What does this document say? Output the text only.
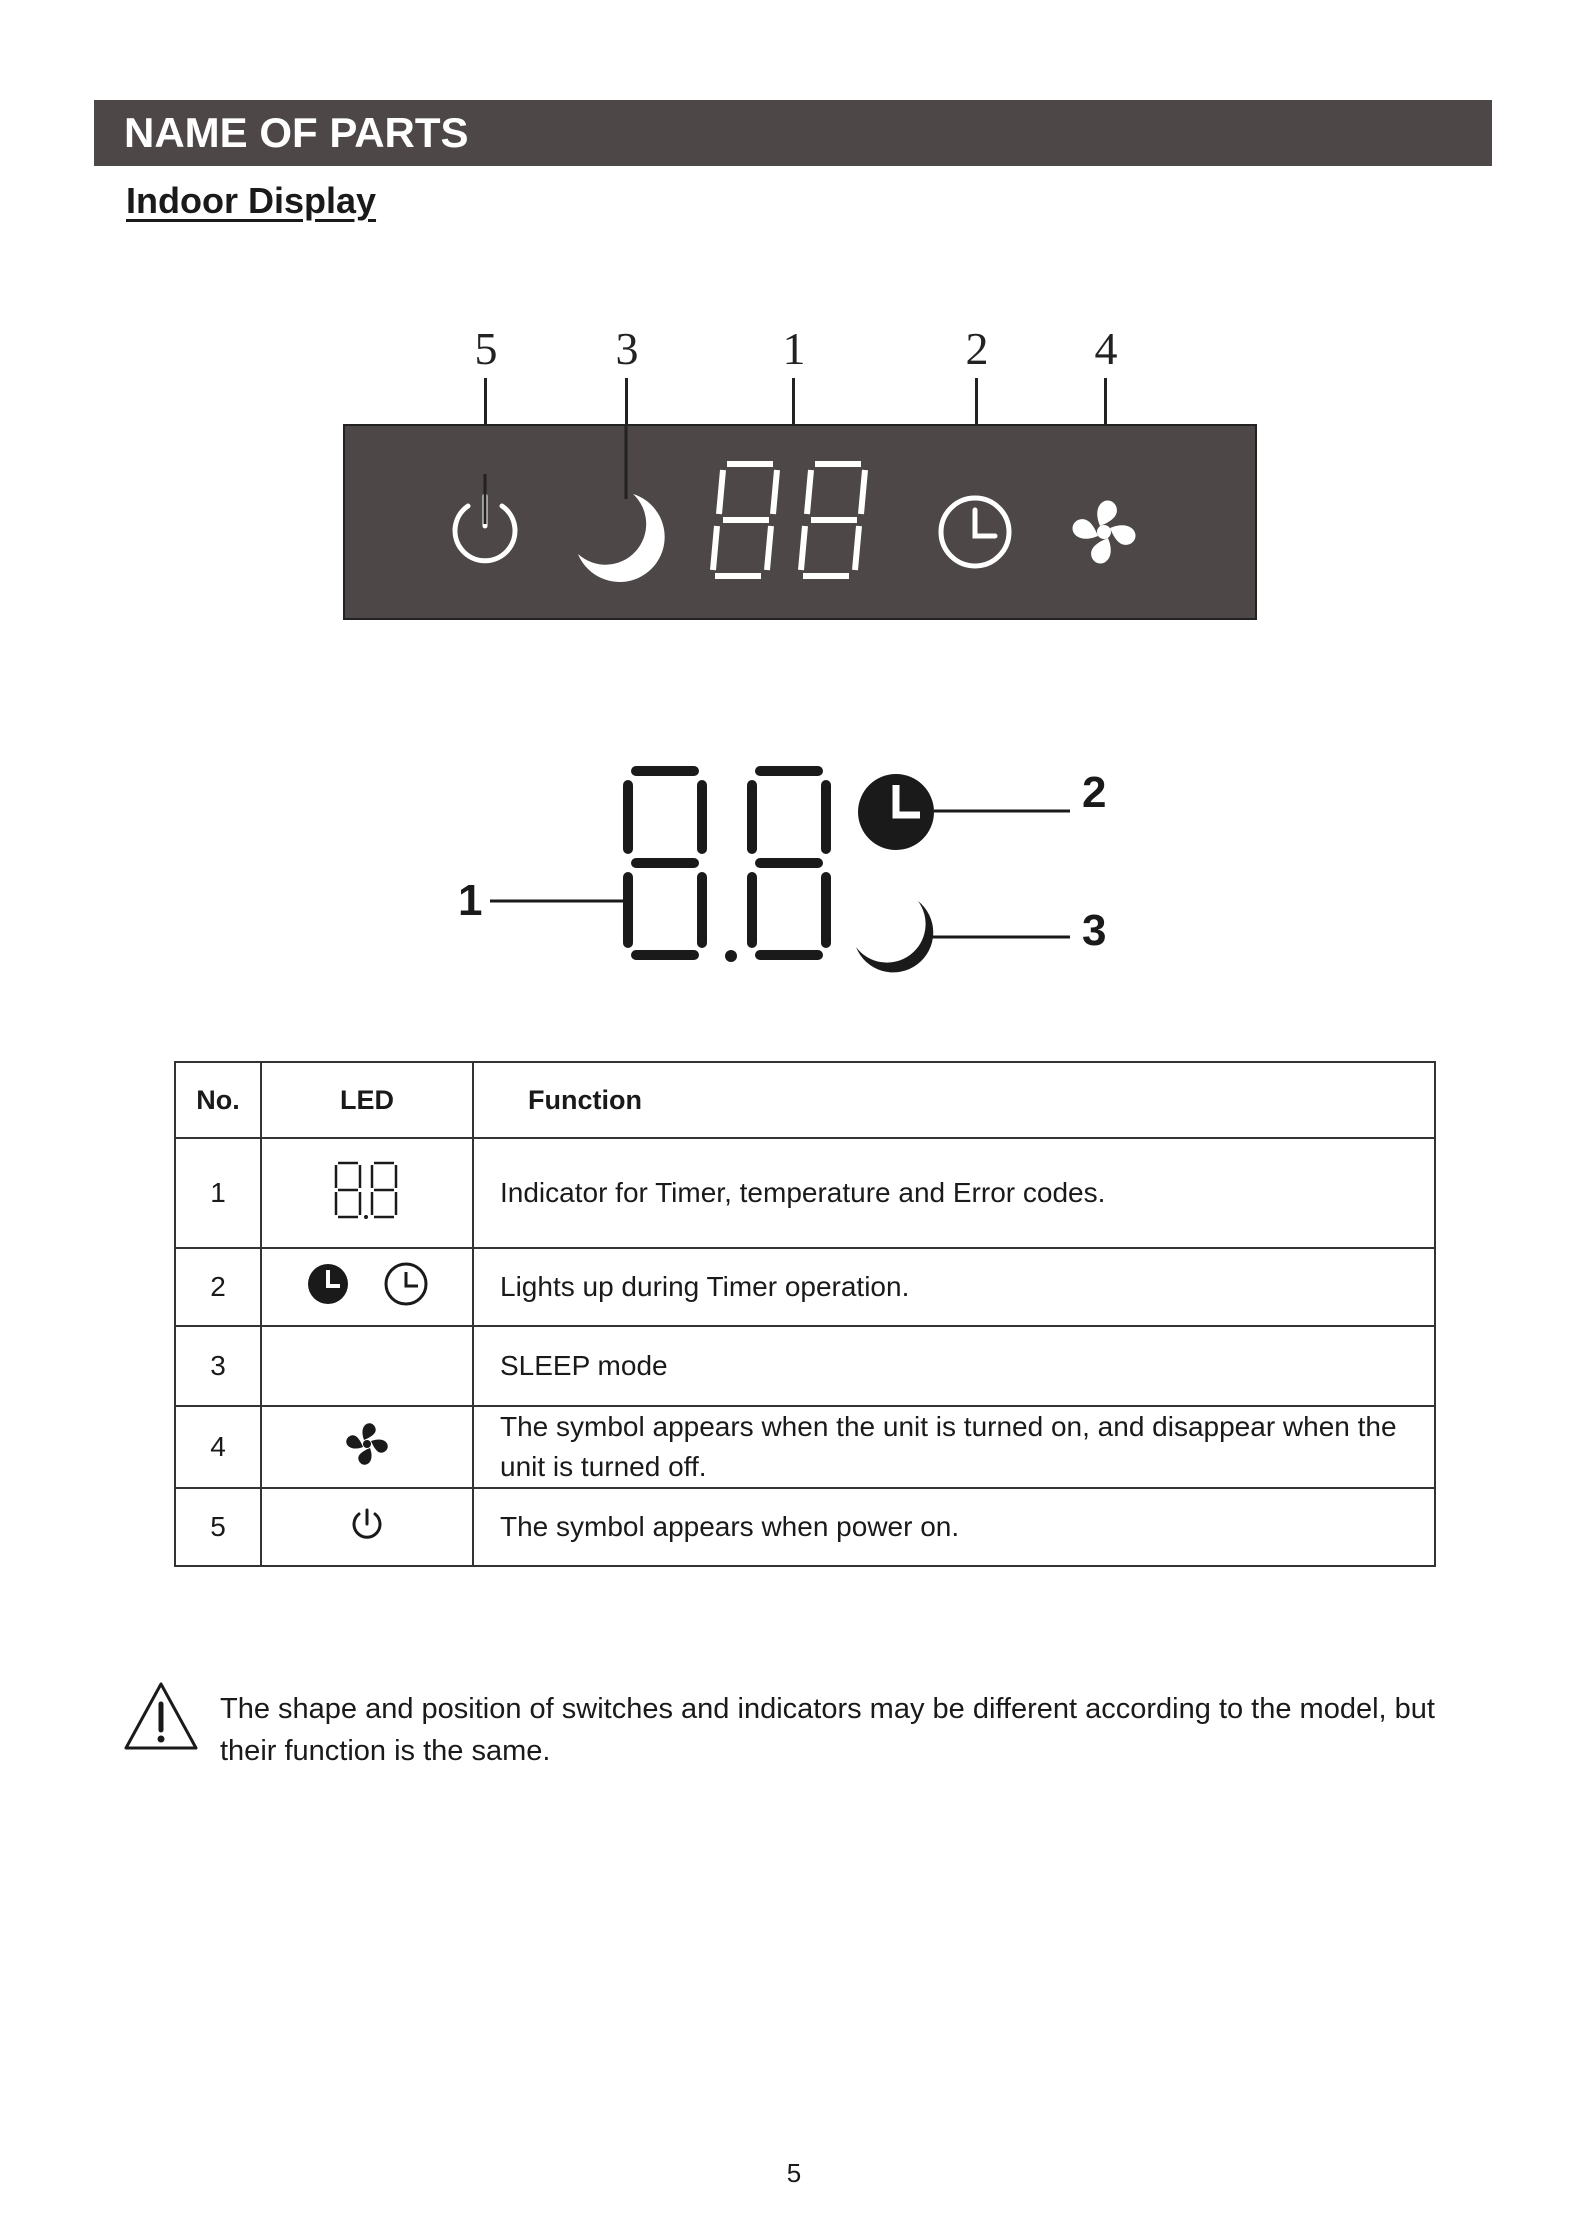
NAME OF PARTS
Indoor Display
5	3	1	2 4
1
2
3
No.	LED	Function
1		Indicator for Timer, temperature and Error codes.
2		Lights up during Timer operation.
3		SLEEP mode
4		The symbol appears when the unit is turned on, and disappear when the unit is turned off.
5		The symbol appears when power on.
The shape and position of switches and indicators may be different according to the model, but their function is the same.
5
